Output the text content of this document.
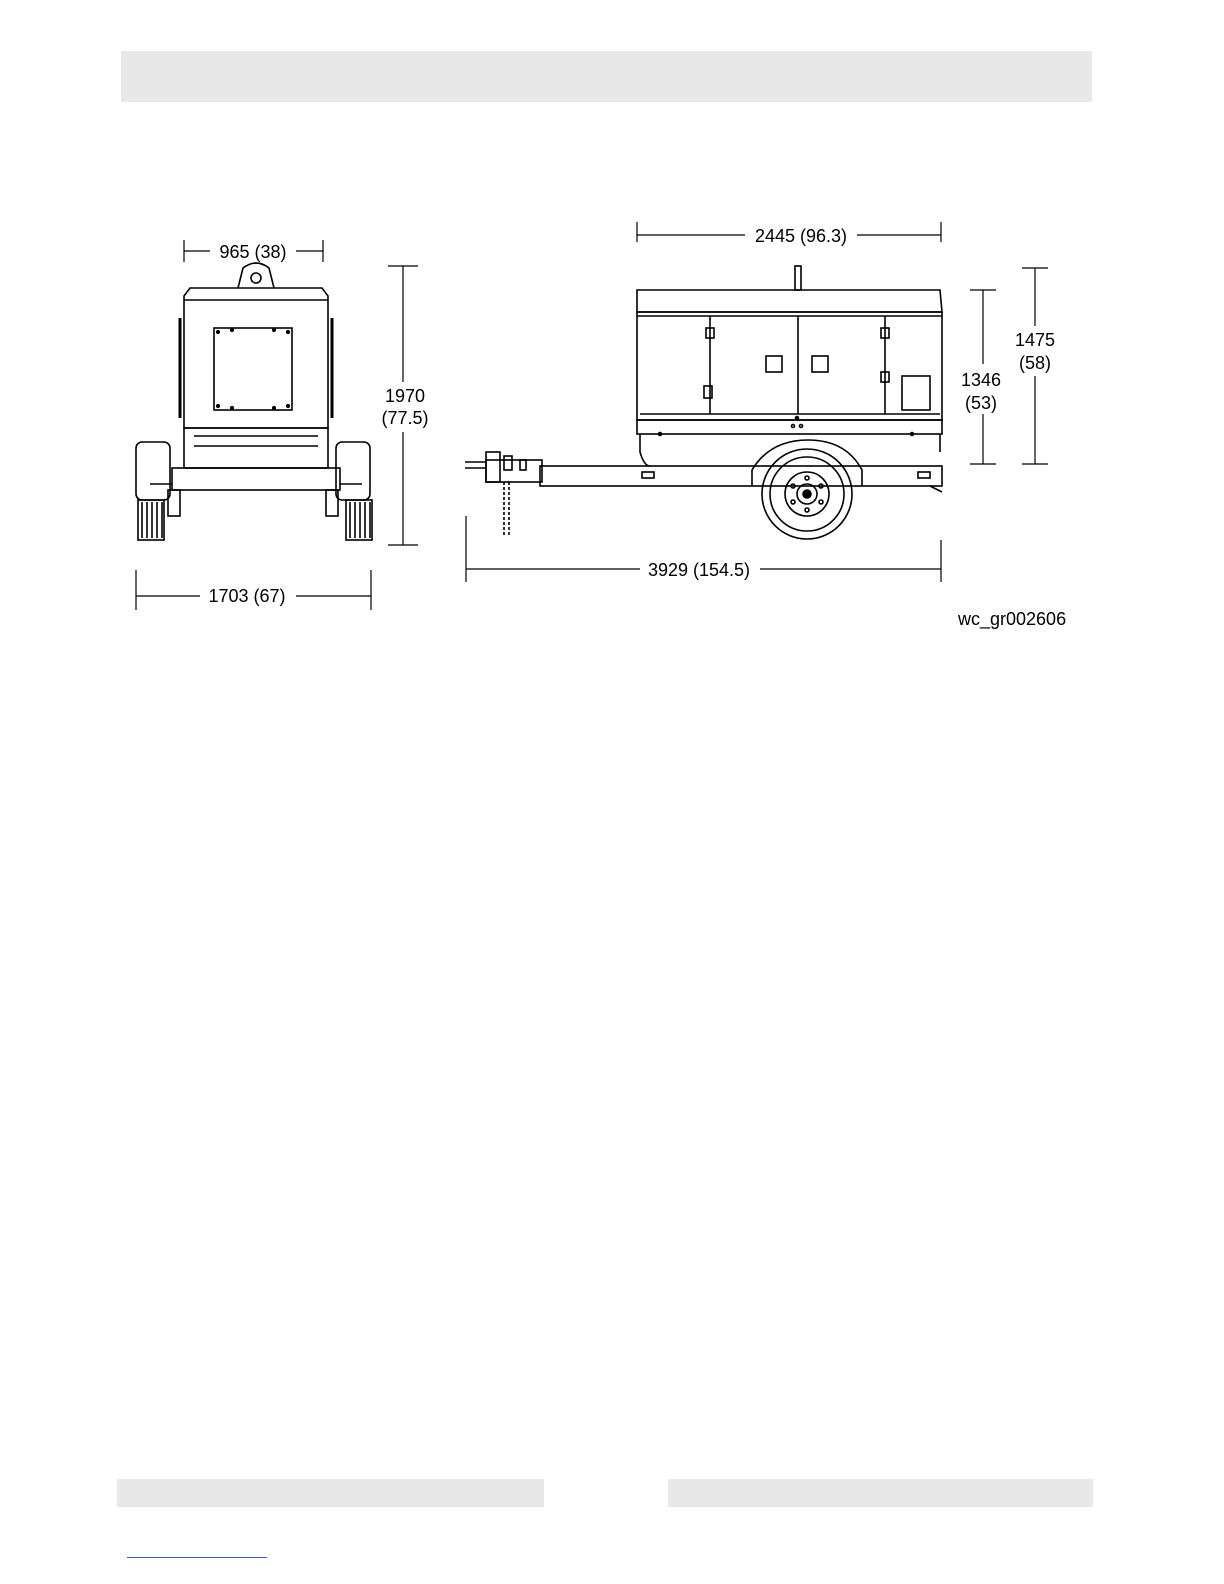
965 (38)
1970
(77.5)
1703 (67)
2445 (96.3)
1346
(53)
1475
(58)
3929 (154.5)
wc_gr002606
